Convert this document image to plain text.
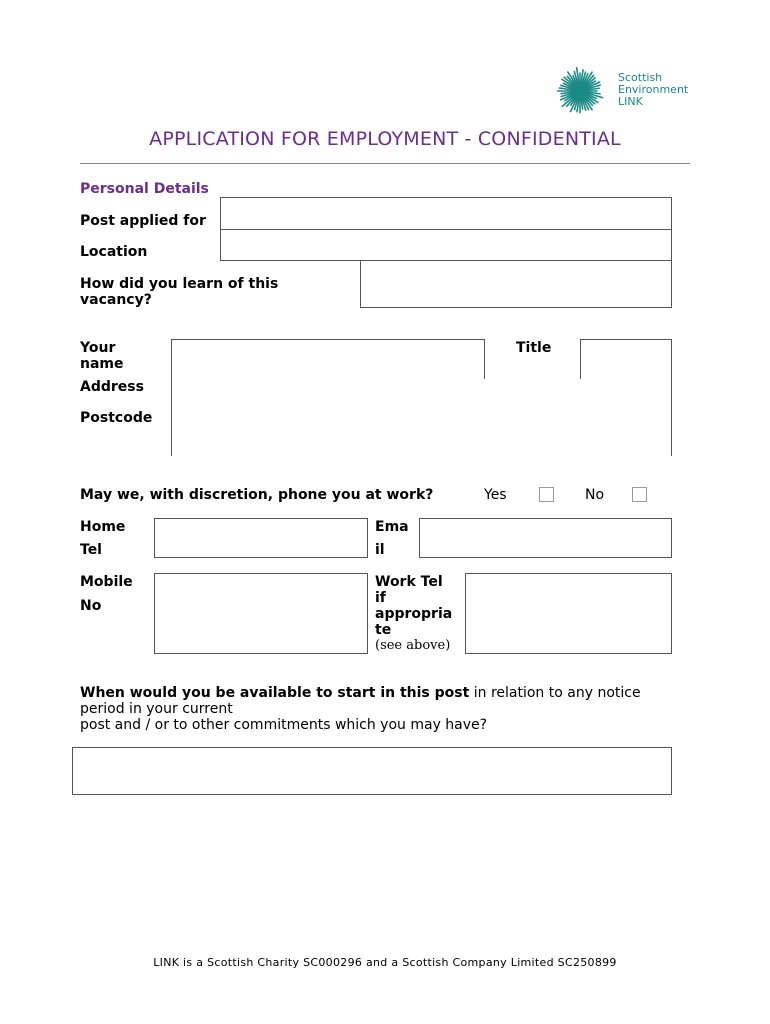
Scottish
Environment
LINK
APPLICATION FOR EMPLOYMENT - CONFIDENTIAL
Personal Details
Post applied for
Location
How did you learn of this
vacancy?
Your
name
Title
Address
Postcode
May we, with discretion, phone you at work?	Yes	No
Home
Tel
Ema
il
Mobile
No
Work Tel
if
appropria
te
(see above)
When would you be available to start in this post in relation to any notice
period in your current
post and / or to other commitments which you may have?
LINK is a Scottish Charity SC000296 and a Scottish Company Limited SC250899
